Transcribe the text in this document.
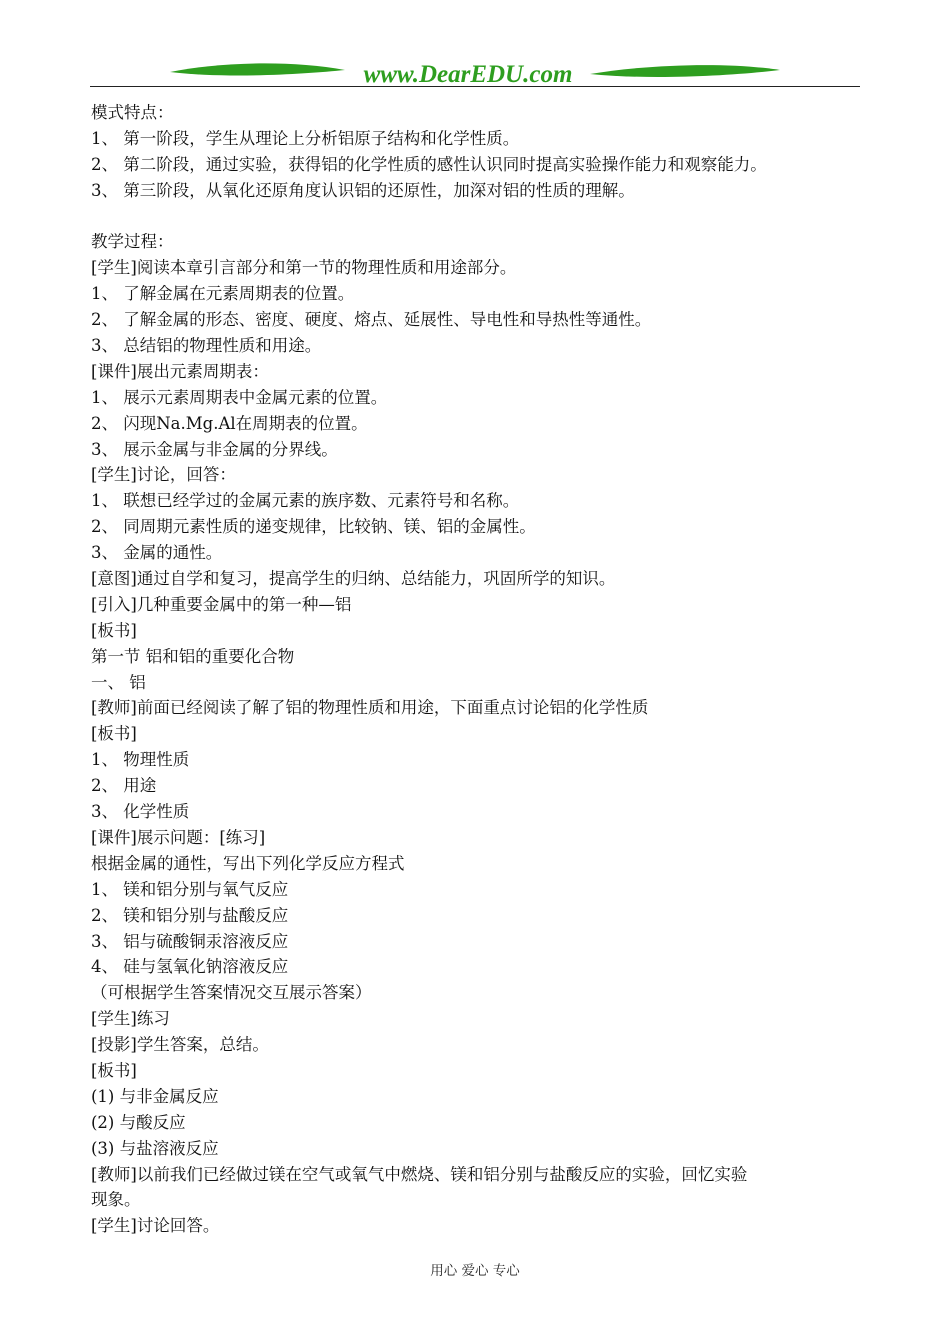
www.DearEDU.com
模式特点：
1、 第一阶段，学生从理论上分析铝原子结构和化学性质。
2、 第二阶段，通过实验，获得铝的化学性质的感性认识同时提高实验操作能力和观察能力。
3、 第三阶段，从氧化还原角度认识铝的还原性，加深对铝的性质的理解。
教学过程：
[学生]阅读本章引言部分和第一节的物理性质和用途部分。
1、 了解金属在元素周期表的位置。
2、 了解金属的形态、密度、硬度、熔点、延展性、导电性和导热性等通性。
3、 总结铝的物理性质和用途。
[课件]展出元素周期表：
1、 展示元素周期表中金属元素的位置。
2、 闪现Na.Mg.Al在周期表的位置。
3、 展示金属与非金属的分界线。
[学生]讨论，回答：
1、 联想已经学过的金属元素的族序数、元素符号和名称。
2、 同周期元素性质的递变规律，比较钠、镁、铝的金属性。
3、 金属的通性。
[意图]通过自学和复习，提高学生的归纳、总结能力，巩固所学的知识。
[引入]几种重要金属中的第一种—铝
[板书]
第一节 铝和铝的重要化合物
一、 铝
[教师]前面已经阅读了解了铝的物理性质和用途，下面重点讨论铝的化学性质
[板书]
1、 物理性质
2、 用途
3、 化学性质
[课件]展示问题：[练习]
根据金属的通性，写出下列化学反应方程式
1、 镁和铝分别与氧气反应
2、 镁和铝分别与盐酸反应
3、 铝与硫酸铜汞溶液反应
4、 硅与氢氧化钠溶液反应
（可根据学生答案情况交互展示答案）
[学生]练习
[投影]学生答案，总结。
[板书]
(1) 与非金属反应
(2) 与酸反应
(3) 与盐溶液反应
[教师]以前我们已经做过镁在空气或氧气中燃烧、镁和铝分别与盐酸反应的实验，回忆实验
现象。
[学生]讨论回答。
用心 爱心 专心
